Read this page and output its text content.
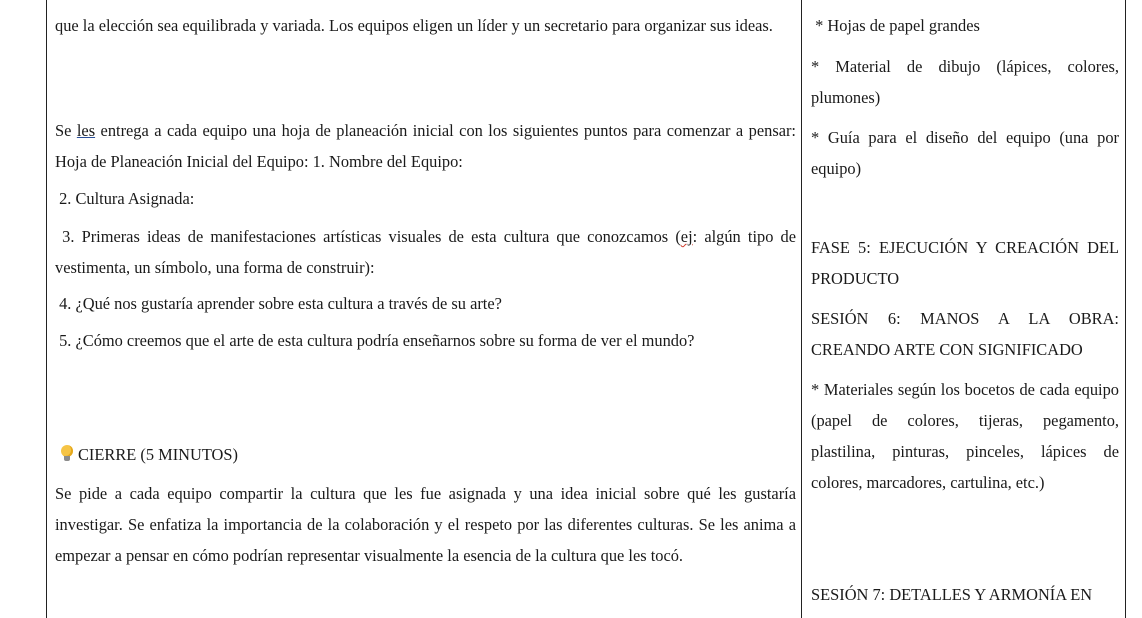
que la elección sea equilibrada y variada. Los equipos eligen un líder y un secretario para organizar sus ideas.

Se les entrega a cada equipo una hoja de planeación inicial con los siguientes puntos para comenzar a pensar: Hoja de Planeación Inicial del Equipo: 1. Nombre del Equipo:

2. Cultura Asignada:

3. Primeras ideas de manifestaciones artísticas visuales de esta cultura que conozcamos (ej: algún tipo de vestimenta, un símbolo, una forma de construir):

4. ¿Qué nos gustaría aprender sobre esta cultura a través de su arte?

5. ¿Cómo creemos que el arte de esta cultura podría enseñarnos sobre su forma de ver el mundo?

CIERRE (5 MINUTOS)

Se pide a cada equipo compartir la cultura que les fue asignada y una idea inicial sobre qué les gustaría investigar. Se enfatiza la importancia de la colaboración y el respeto por las diferentes culturas. Se les anima a empezar a pensar en cómo podrían representar visualmente la esencia de la cultura que les tocó.

* Hojas de papel grandes

* Material de dibujo (lápices, colores, plumones)

* Guía para el diseño del equipo (una por equipo)

FASE 5: EJECUCIÓN Y CREACIÓN DEL PRODUCTO

SESIÓN 6: MANOS A LA OBRA: CREANDO ARTE CON SIGNIFICADO

* Materiales según los bocetos de cada equipo (papel de colores, tijeras, pegamento, plastilina, pinturas, pinceles, lápices de colores, marcadores, cartulina, etc.)

SESIÓN 7: DETALLES Y ARMONÍA EN
